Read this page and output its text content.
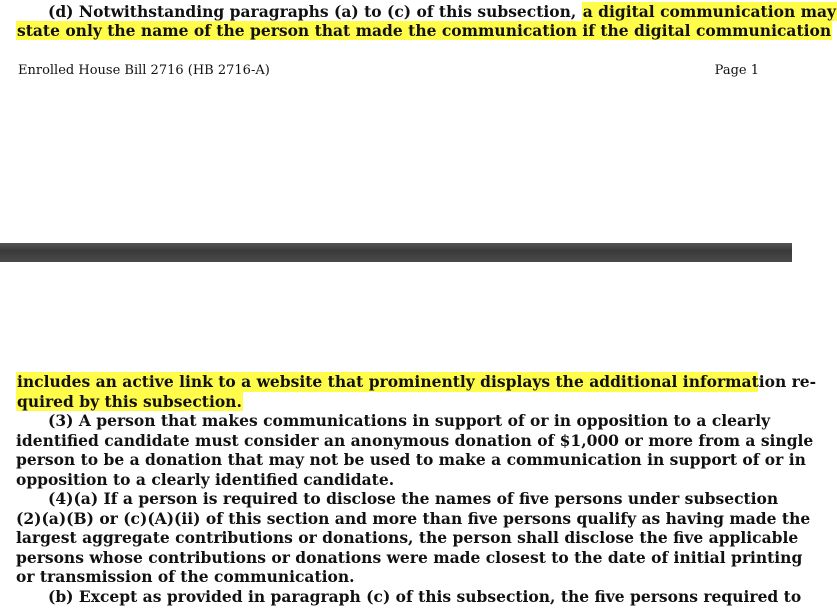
(d) Notwithstanding paragraphs (a) to (c) of this subsection, a digital communication may
state only the name of the person that made the communication if the digital communication
Enrolled House Bill 2716 (HB 2716-A)	Page 1
includes an active link to a website that prominently displays the additional information re-
quired by this subsection.
(3) A person that makes communications in support of or in opposition to a clearly
identified candidate must consider an anonymous donation of $1,000 or more from a single
person to be a donation that may not be used to make a communication in support of or in
opposition to a clearly identified candidate.
(4)(a) If a person is required to disclose the names of five persons under subsection
(2)(a)(B) or (c)(A)(ii) of this section and more than five persons qualify as having made the
largest aggregate contributions or donations, the person shall disclose the five applicable
persons whose contributions or donations were made closest to the date of initial printing
or transmission of the communication.
(b) Except as provided in paragraph (c) of this subsection, the five persons required to
